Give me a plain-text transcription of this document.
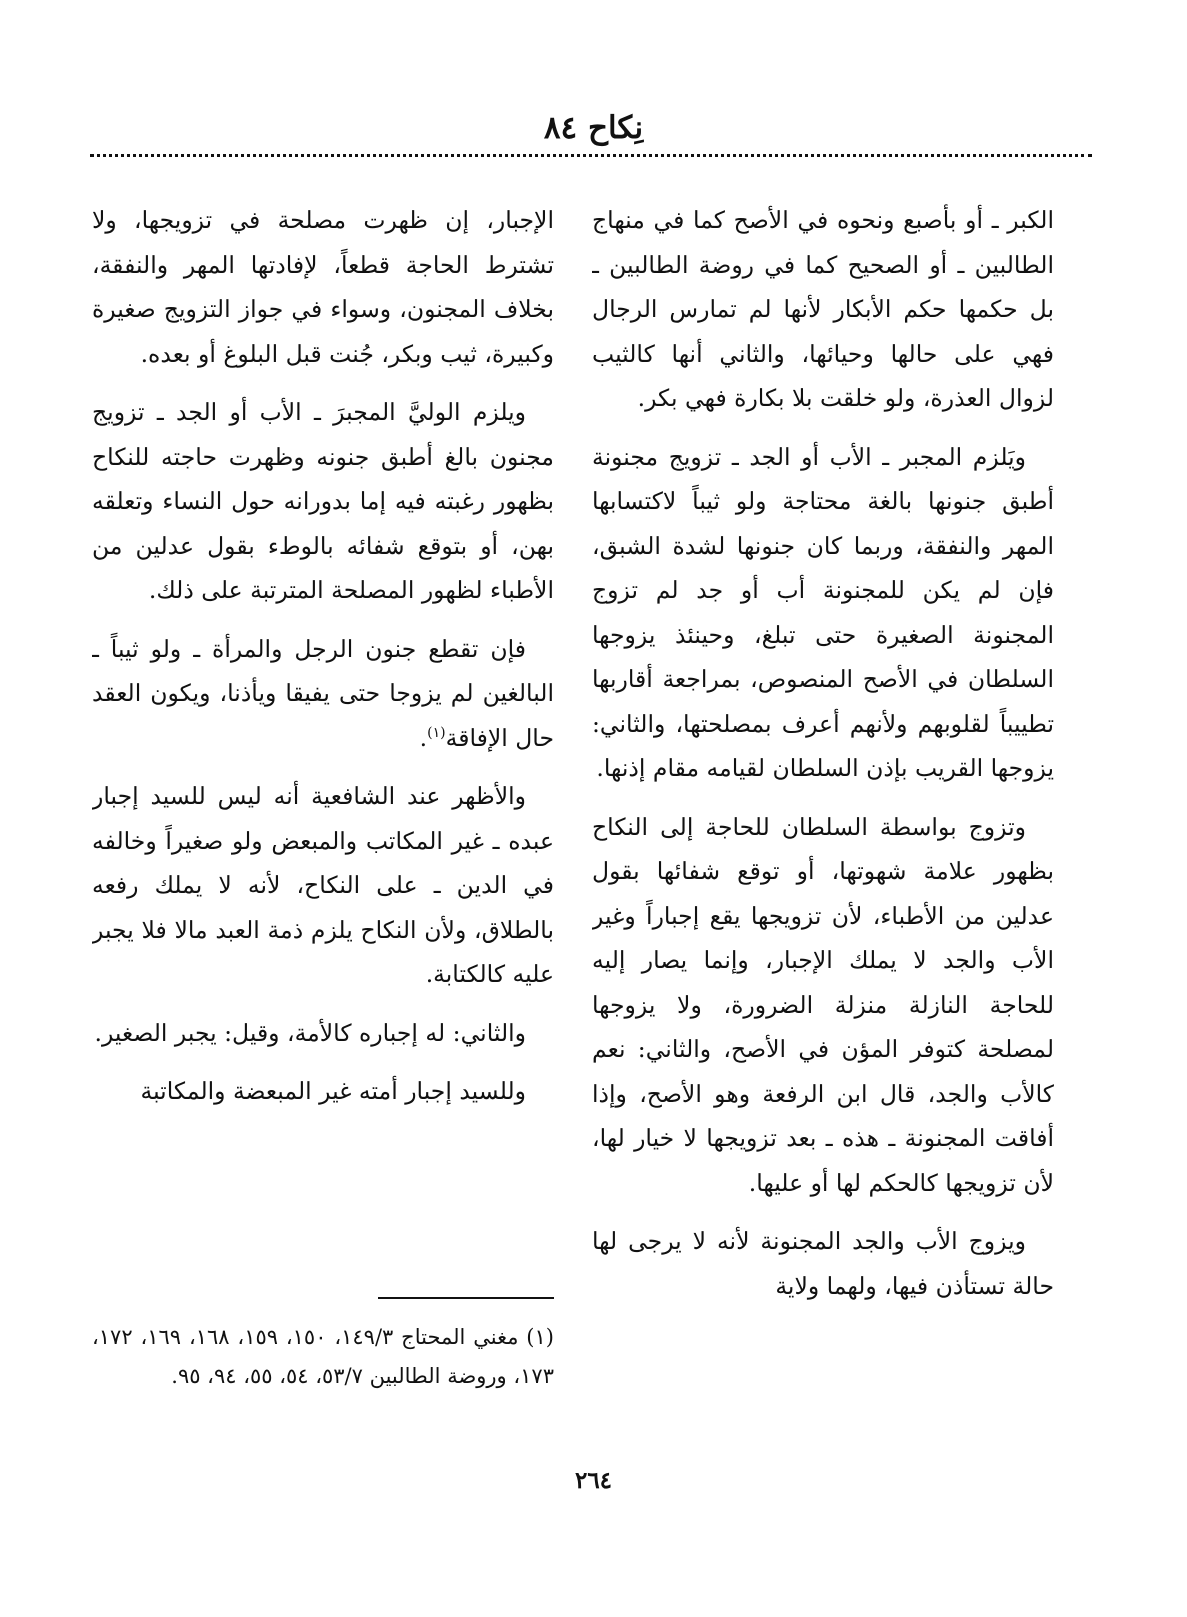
نِكاح ٨٤

الكبر ـ أو بأصبع ونحوه في الأصح كما في منهاج الطالبين ـ أو الصحيح كما في روضة الطالبين ـ بل حكمها حكم الأبكار لأنها لم تمارس الرجال فهي على حالها وحيائها، والثاني أنها كالثيب لزوال العذرة، ولو خلقت بلا بكارة فهي بكر.

ويَلزم المجبر ـ الأب أو الجد ـ تزويج مجنونة أطبق جنونها بالغة محتاجة ولو ثيباً لاكتسابها المهر والنفقة، وربما كان جنونها لشدة الشبق، فإن لم يكن للمجنونة أب أو جد لم تزوج المجنونة الصغيرة حتى تبلغ، وحينئذ يزوجها السلطان في الأصح المنصوص، بمراجعة أقاربها تطييباً لقلوبهم ولأنهم أعرف بمصلحتها، والثاني: يزوجها القريب بإذن السلطان لقيامه مقام إذنها.

وتزوج بواسطة السلطان للحاجة إلى النكاح بظهور علامة شهوتها، أو توقع شفائها بقول عدلين من الأطباء، لأن تزويجها يقع إجباراً وغير الأب والجد لا يملك الإجبار، وإنما يصار إليه للحاجة النازلة منزلة الضرورة، ولا يزوجها لمصلحة كتوفر المؤن في الأصح، والثاني: نعم كالأب والجد، قال ابن الرفعة وهو الأصح، وإذا أفاقت المجنونة ـ هذه ـ بعد تزويجها لا خيار لها، لأن تزويجها كالحكم لها أو عليها.

ويزوج الأب والجد المجنونة لأنه لا يرجى لها حالة تستأذن فيها، ولهما ولاية

الإجبار، إن ظهرت مصلحة في تزويجها، ولا تشترط الحاجة قطعاً، لإفادتها المهر والنفقة، بخلاف المجنون، وسواء في جواز التزويج صغيرة وكبيرة، ثيب وبكر، جُنت قبل البلوغ أو بعده.

ويلزم الوليَّ المجبرَ ـ الأب أو الجد ـ تزويج مجنون بالغ أطبق جنونه وظهرت حاجته للنكاح بظهور رغبته فيه إما بدورانه حول النساء وتعلقه بهن، أو بتوقع شفائه بالوطء بقول عدلين من الأطباء لظهور المصلحة المترتبة على ذلك.

فإن تقطع جنون الرجل والمرأة ـ ولو ثيباً ـ البالغين لم يزوجا حتى يفيقا ويأذنا، ويكون العقد حال الإفاقة$^{(١)}$.

والأظهر عند الشافعية أنه ليس للسيد إجبار عبده ـ غير المكاتب والمبعض ولو صغيراً وخالفه في الدين ـ على النكاح، لأنه لا يملك رفعه بالطلاق، ولأن النكاح يلزم ذمة العبد مالا فلا يجبر عليه كالكتابة.

والثاني: له إجباره كالأمة، وقيل: يجبر الصغير.

وللسيد إجبار أمته غير المبعضة والمكاتبة

(١) مغني المحتاج ١٤٩/٣، ١٥٠، ١٥٩، ١٦٨، ١٦٩، ١٧٢، ١٧٣، وروضة الطالبين ٥٣/٧، ٥٤، ٥٥، ٩٤، ٩٥.
٢٦٤
